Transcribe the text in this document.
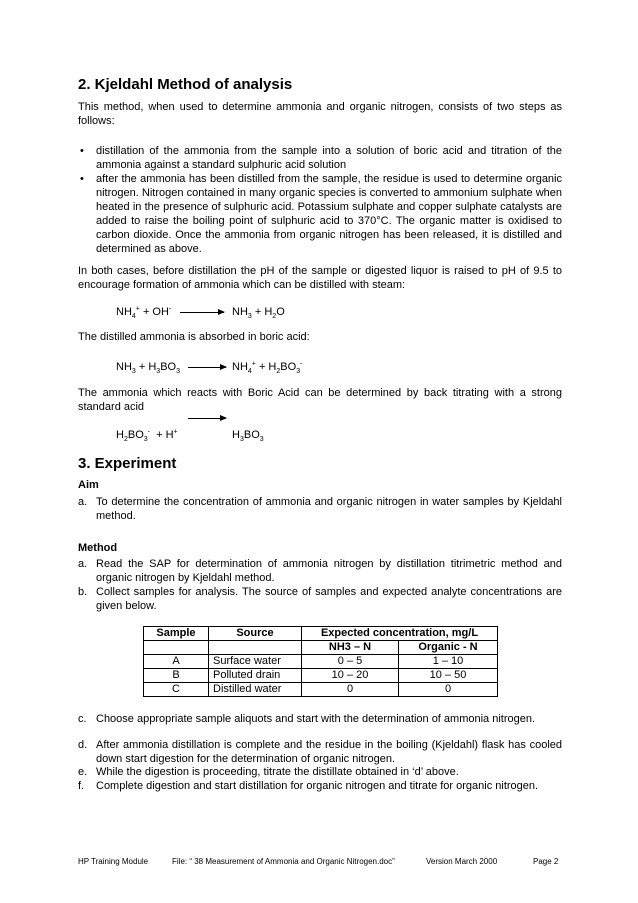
2. Kjeldahl Method of analysis
This method, when used to determine ammonia and organic nitrogen, consists of two steps as follows:
• distillation of the ammonia from the sample into a solution of boric acid and titration of the ammonia against a standard sulphuric acid solution
• after the ammonia has been distilled from the sample, the residue is used to determine organic nitrogen. Nitrogen contained in many organic species is converted to ammonium sulphate when heated in the presence of sulphuric acid. Potassium sulphate and copper sulphate catalysts are added to raise the boiling point of sulphuric acid to 370°C. The organic matter is oxidised to carbon dioxide. Once the ammonia from organic nitrogen has been released, it is distilled and determined as above.
In both cases, before distillation the pH of the sample or digested liquor is raised to pH of 9.5 to encourage formation of ammonia which can be distilled with steam:
$NH_4^+ + OH^- \to NH_3 + H_2O$
The distilled ammonia is absorbed in boric acid:
$NH_3 + H_3BO_3 \to NH_4^+ + H_2BO_3^-$
The ammonia which reacts with Boric Acid can be determined by back titrating with a strong standard acid
$H_2BO_3^- + H^+$	$H_3BO_3$
3. Experiment
Aim
a. To determine the concentration of ammonia and organic nitrogen in water samples by Kjeldahl method.
Method
a. Read the SAP for determination of ammonia nitrogen by distillation titrimetric method and organic nitrogen by Kjeldahl method.
b. Collect samples for analysis. The source of samples and expected analyte concentrations are given below.
Sample	Source	Expected concentration, mg/L	
		NH3 – N	Organic - N
A	Surface water	0 – 5	1 – 10
B	Polluted drain	10 – 20	10 – 50
C	Distilled water	0	0
c. Choose appropriate sample aliquots and start with the determination of ammonia nitrogen.
d. After ammonia distillation is complete and the residue in the boiling (Kjeldahl) flask has cooled down start digestion for the determination of organic nitrogen.
e. While the digestion is proceeding, titrate the distillate obtained in ‘d’ above.
f. Complete digestion and start distillation for organic nitrogen and titrate for organic nitrogen.
HP Training Module	File: “ 38 Measurement of Ammonia and Organic Nitrogen.doc”	Version March 2000	Page 2
